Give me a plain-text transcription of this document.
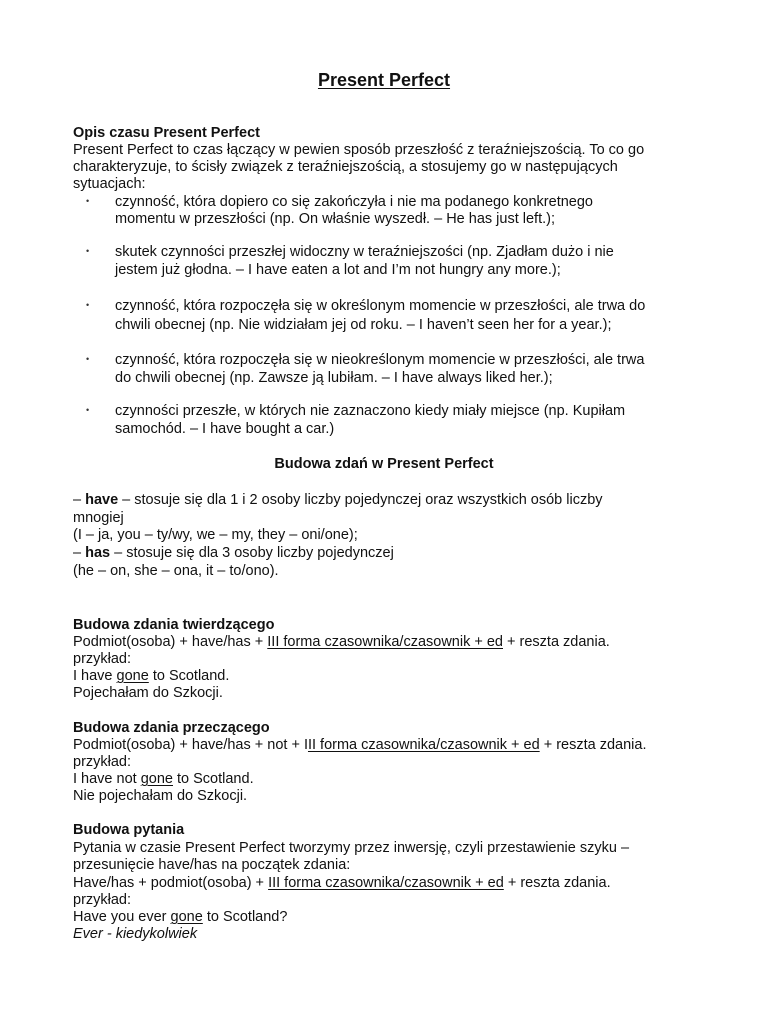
Present Perfect
Opis czasu Present Perfect
Present Perfect to czas łączący w pewien sposób przeszłość z teraźniejszością. To co go
charakteryzuje, to ścisły związek z teraźniejszością, a stosujemy go w następujących
sytuacjach:
• czynność, która dopiero co się zakończyła i nie ma podanego konkretnego
momentu w przeszłości (np. On właśnie wyszedł. – He has just left.);
• skutek czynności przeszłej widoczny w teraźniejszości (np. Zjadłam dużo i nie
jestem już głodna. – I have eaten a lot and I’m not hungry any more.);
• czynność, która rozpoczęła się w określonym momencie w przeszłości, ale trwa do
chwili obecnej (np. Nie widziałam jej od roku. – I haven’t seen her for a year.);
• czynność, która rozpoczęła się w nieokreślonym momencie w przeszłości, ale trwa
do chwili obecnej (np. Zawsze ją lubiłam. – I have always liked her.);
• czynności przeszłe, w których nie zaznaczono kiedy miały miejsce (np. Kupiłam
samochód. – I have bought a car.)
Budowa zdań w Present Perfect
– have – stosuje się dla 1 i 2 osoby liczby pojedynczej oraz wszystkich osób liczby
mnogiej
(I – ja, you – ty/wy, we – my, they – oni/one);
– has – stosuje się dla 3 osoby liczby pojedynczej
(he – on, she – ona, it – to/ono).
Budowa zdania twierdzącego
Podmiot(osoba) + have/has + III forma czasownika/czasownik + ed + reszta zdania.
przykład:
I have gone to Scotland.
Pojechałam do Szkocji.
Budowa zdania przeczącego
Podmiot(osoba) + have/has + not + III forma czasownika/czasownik + ed + reszta zdania.
przykład:
I have not gone to Scotland.
Nie pojechałam do Szkocji.
Budowa pytania
Pytania w czasie Present Perfect tworzymy przez inwersję, czyli przestawienie szyku –
przesunięcie have/has na początek zdania:
Have/has + podmiot(osoba) + III forma czasownika/czasownik + ed + reszta zdania.
przykład:
Have you ever gone to Scotland?
Ever - kiedykolwiek
